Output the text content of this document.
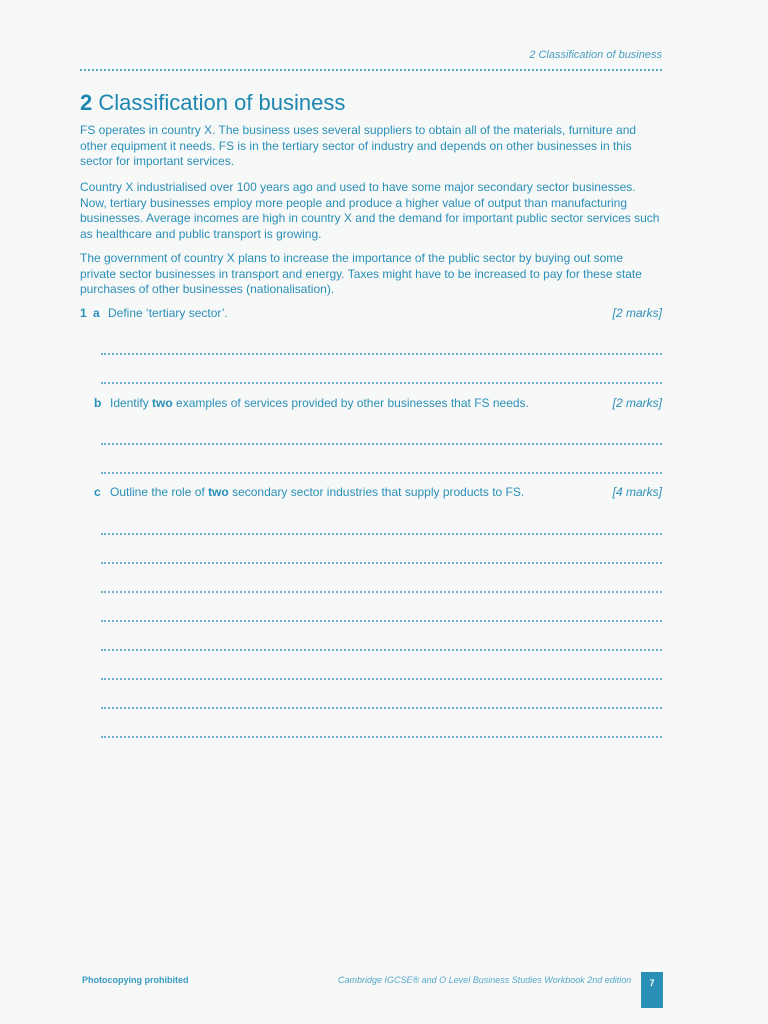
2 Classification of business
2 Classification of business

FS operates in country X. The business uses several suppliers to obtain all of the materials, furniture and other equipment it needs. FS is in the tertiary sector of industry and depends on other businesses in this sector for important services.

Country X industrialised over 100 years ago and used to have some major secondary sector businesses. Now, tertiary businesses employ more people and produce a higher value of output than manufacturing businesses. Average incomes are high in country X and the demand for important public sector services such as healthcare and public transport is growing.

The government of country X plans to increase the importance of the public sector by buying out some private sector businesses in transport and energy. Taxes might have to be increased to pay for these state purchases of other businesses (nationalisation).

1 a Define ‘tertiary sector’.	[2 marks]
b Identify two examples of services provided by other businesses that FS needs.	[2 marks]
c Outline the role of two secondary sector industries that supply products to FS.	[4 marks]
Photocopying prohibited	Cambridge IGCSE® and O Level Business Studies Workbook 2nd edition	7
